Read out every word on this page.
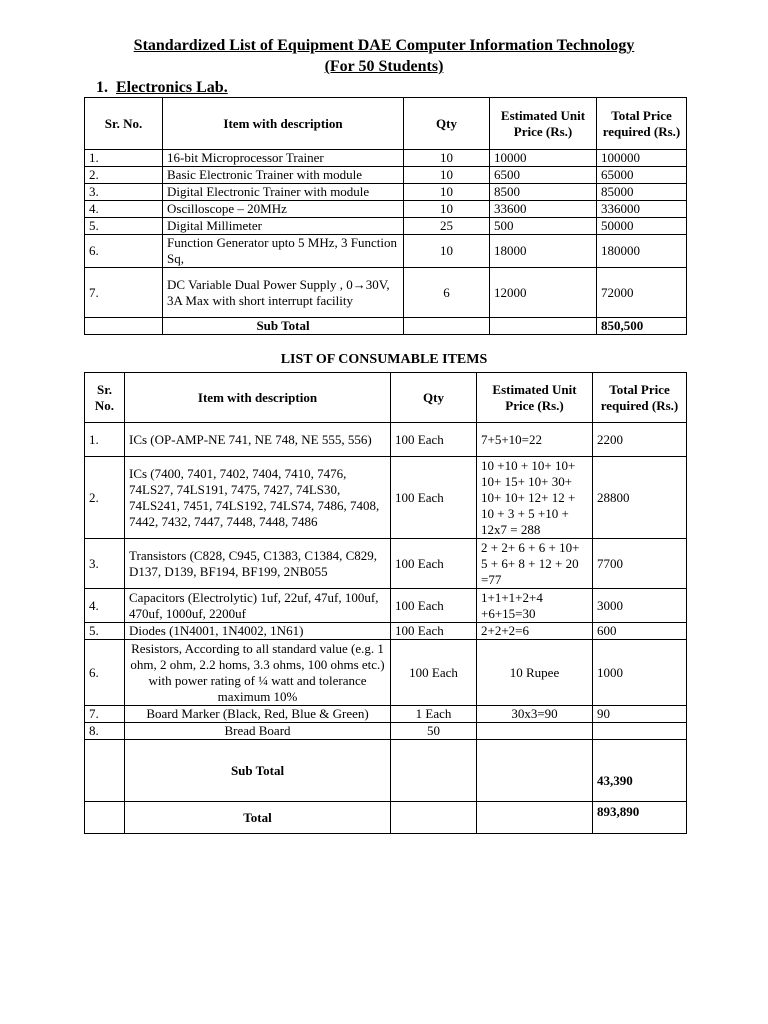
Standardized List of Equipment DAE Computer Information Technology
(For 50 Students)
1. Electronics Lab.
Sr. No.	Item with description	Qty	Estimated Unit Price (Rs.)	Total Price required (Rs.)
1.	16-bit Microprocessor Trainer	10	10000	100000
2.	Basic Electronic Trainer with module	10	6500	65000
3.	Digital Electronic Trainer with module	10	8500	85000
4.	Oscilloscope – 20MHz	10	33600	336000
5.	Digital Millimeter	25	500	50000
6.	Function Generator upto 5 MHz, 3 Function Sq,	10	18000	180000
7.	DC Variable Dual Power Supply , 0→30V, 3A Max with short interrupt facility	6	12000	72000
	Sub Total			850,500
LIST OF CONSUMABLE ITEMS
Sr. No.	Item with description	Qty	Estimated Unit Price (Rs.)	Total Price required (Rs.)
1.	ICs (OP-AMP-NE 741, NE 748, NE 555, 556)	100 Each	7+5+10=22	2200
2.	ICs (7400, 7401, 7402, 7404, 7410, 7476, 74LS27, 74LS191, 7475, 7427, 74LS30, 74LS241, 7451, 74LS192, 74LS74, 7486, 7408, 7442, 7432, 7447, 7448, 7448, 7486	100 Each	10 +10 + 10+ 10+ 10+ 15+ 10+ 30+ 10+ 10+ 12+ 12 + 10 + 3 + 5 +10 + 12x7 = 288	28800
3.	Transistors (C828, C945, C1383, C1384, C829, D137, D139, BF194, BF199, 2NB055	100 Each	2 + 2+ 6 + 6 + 10+ 5 + 6+ 8 + 12 + 20 =77	7700
4.	Capacitors (Electrolytic) 1uf, 22uf, 47uf, 100uf, 470uf, 1000uf, 2200uf	100 Each	1+1+1+2+4 +6+15=30	3000
5.	Diodes (1N4001, 1N4002, 1N61)	100 Each	2+2+2=6	600
6.	Resistors, According to all standard value (e.g. 1 ohm, 2 ohm, 2.2 homs, 3.3 ohms, 100 ohms etc.) with power rating of ¼ watt and tolerance maximum 10%	100 Each	10 Rupee	1000
7.	Board Marker (Black, Red, Blue & Green)	1 Each	30x3=90	90
8.	Bread Board	50		
	Sub Total			43,390
	Total			893,890
